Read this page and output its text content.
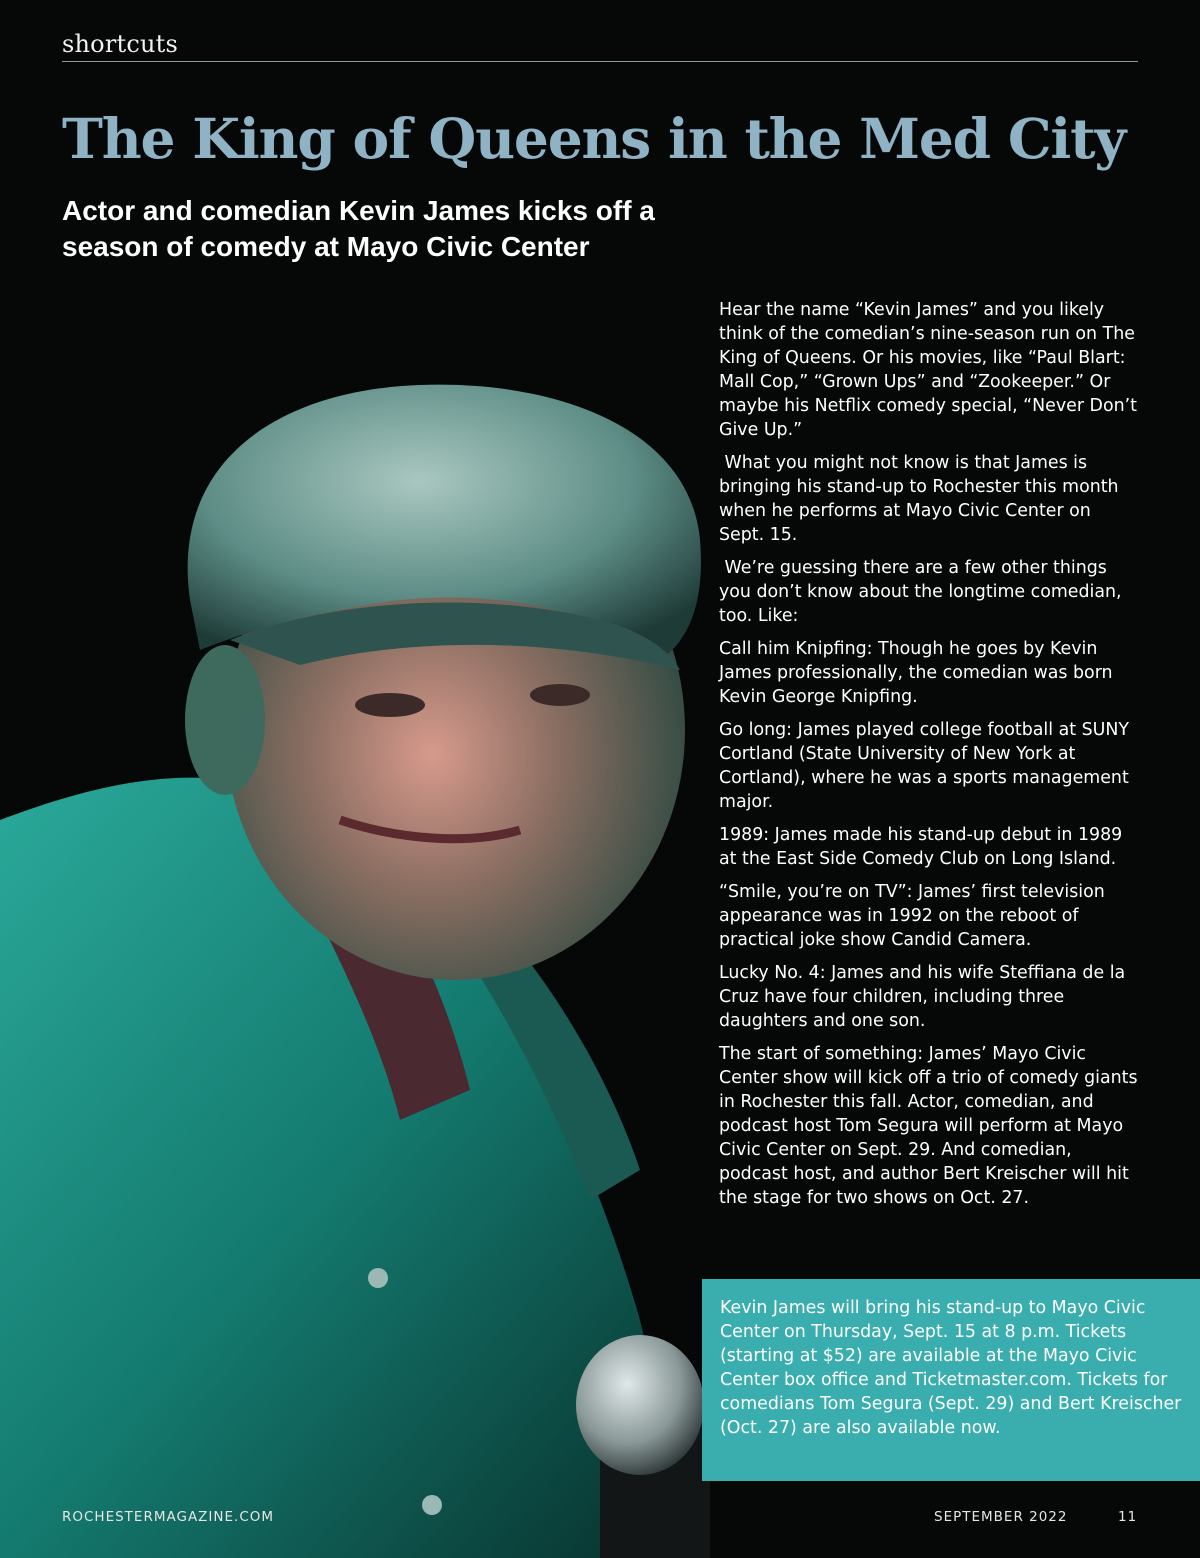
shortcuts
The King of Queens in the Med City
Actor and comedian Kevin James kicks off a season of comedy at Mayo Civic Center

Hear the name “Kevin James” and you likely think of the comedian’s nine-season run on The King of Queens. Or his movies, like “Paul Blart: Mall Cop,” “Grown Ups” and “Zookeeper.” Or maybe his Netflix comedy special, “Never Don’t Give Up.”

What you might not know is that James is bringing his stand-up to Rochester this month when he performs at Mayo Civic Center on Sept. 15.

We’re guessing there are a few other things you don’t know about the longtime comedian, too. Like:

Call him Knipfing: Though he goes by Kevin James professionally, the comedian was born Kevin George Knipfing.

Go long: James played college football at SUNY Cortland (State University of New York at Cortland), where he was a sports management major.

1989: James made his stand-up debut in 1989 at the East Side Comedy Club on Long Island.

“Smile, you’re on TV”: James’ first television appearance was in 1992 on the reboot of practical joke show Candid Camera.

Lucky No. 4: James and his wife Steffiana de la Cruz have four children, including three daughters and one son.

The start of something: James’ Mayo Civic Center show will kick off a trio of comedy giants in Rochester this fall. Actor, comedian, and podcast host Tom Segura will perform at Mayo Civic Center on Sept. 29. And comedian, podcast host, and author Bert Kreischer will hit the stage for two shows on Oct. 27.

Kevin James will bring his stand-up to Mayo Civic Center on Thursday, Sept. 15 at 8 p.m. Tickets (starting at $52) are available at the Mayo Civic Center box office and Ticketmaster.com. Tickets for comedians Tom Segura (Sept. 29) and Bert Kreischer (Oct. 27) are also available now.
ROCHESTERMAGAZINE.COM	SEPTEMBER 2022	11
